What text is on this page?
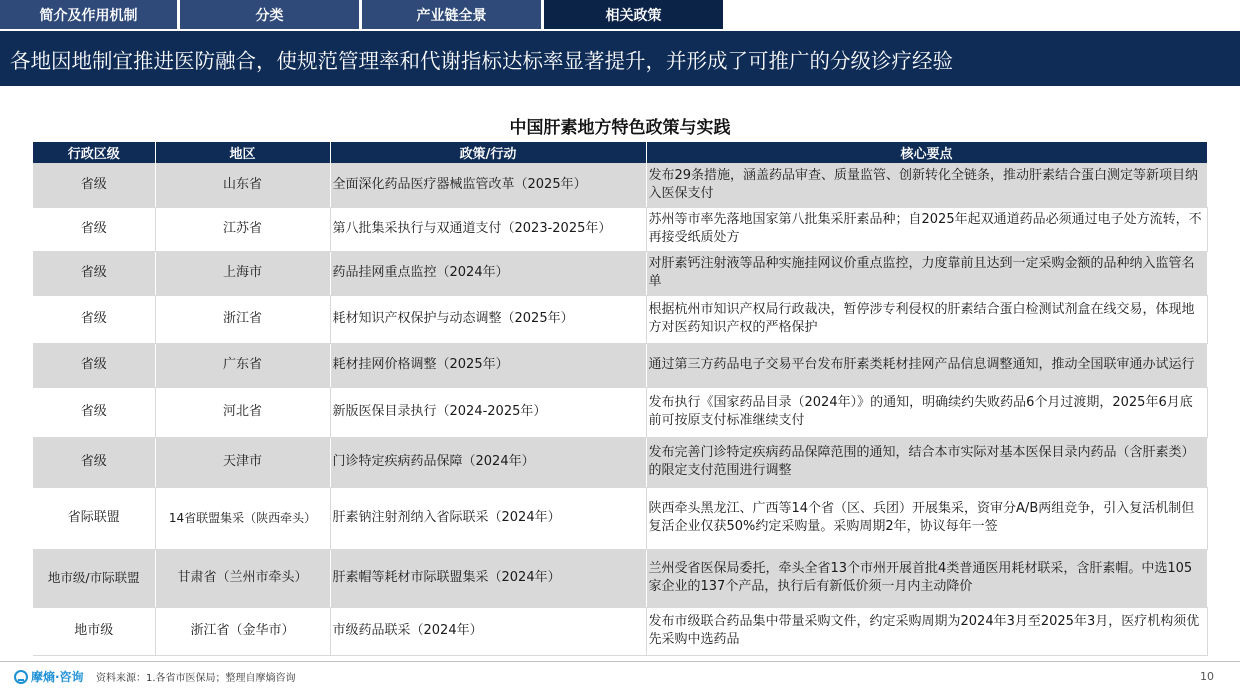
简介及作用机制	分类	产业链全景	相关政策
各地因地制宜推进医防融合，使规范管理率和代谢指标达标率显著提升，并形成了可推广的分级诊疗经验
中国肝素地方特色政策与实践
行政区级	地区	政策/行动	核心要点
省级	山东省	全面深化药品医疗器械监管改革（2025年）	发布29条措施，涵盖药品审查、质量监管、创新转化全链条，推动肝素结合蛋白测定等新项目纳入医保支付
省级	江苏省	第八批集采执行与双通道支付（2023-2025年）	苏州等市率先落地国家第八批集采肝素品种；自2025年起双通道药品必须通过电子处方流转，不再接受纸质处方
省级	上海市	药品挂网重点监控（2024年）	对肝素钙注射液等品种实施挂网议价重点监控，力度靠前且达到一定采购金额的品种纳入监管名单
省级	浙江省	耗材知识产权保护与动态调整（2025年）	根据杭州市知识产权局行政裁决，暂停涉专利侵权的肝素结合蛋白检测试剂盒在线交易，体现地方对医药知识产权的严格保护
省级	广东省	耗材挂网价格调整（2025年）	通过第三方药品电子交易平台发布肝素类耗材挂网产品信息调整通知，推动全国联审通办试运行
省级	河北省	新版医保目录执行（2024-2025年）	发布执行《国家药品目录（2024年）》的通知，明确续约失败药品6个月过渡期，2025年6月底前可按原支付标准继续支付
省级	天津市	门诊特定疾病药品保障（2024年）	发布完善门诊特定疾病药品保障范围的通知，结合本市实际对基本医保目录内药品（含肝素类）的限定支付范围进行调整
省际联盟	14省联盟集采（陕西牵头）	肝素钠注射剂纳入省际联采（2024年）	陕西牵头黑龙江、广西等14个省（区、兵团）开展集采，资审分A/B两组竞争，引入复活机制但复活企业仅获50%约定采购量。采购周期2年，协议每年一签
地市级/市际联盟	甘肃省（兰州市牵头）	肝素帽等耗材市际联盟集采（2024年）	兰州受省医保局委托，牵头全省13个市州开展首批4类普通医用耗材联采，含肝素帽。中选105家企业的137个产品，执行后有新低价须一月内主动降价
地市级	浙江省（金华市）	市级药品联采（2024年）	发布市级联合药品集中带量采购文件，约定采购周期为2024年3月至2025年3月，医疗机构须优先采购中选药品
摩熵·咨询 资料来源：1.各省市医保局；整理自摩熵咨询	10
